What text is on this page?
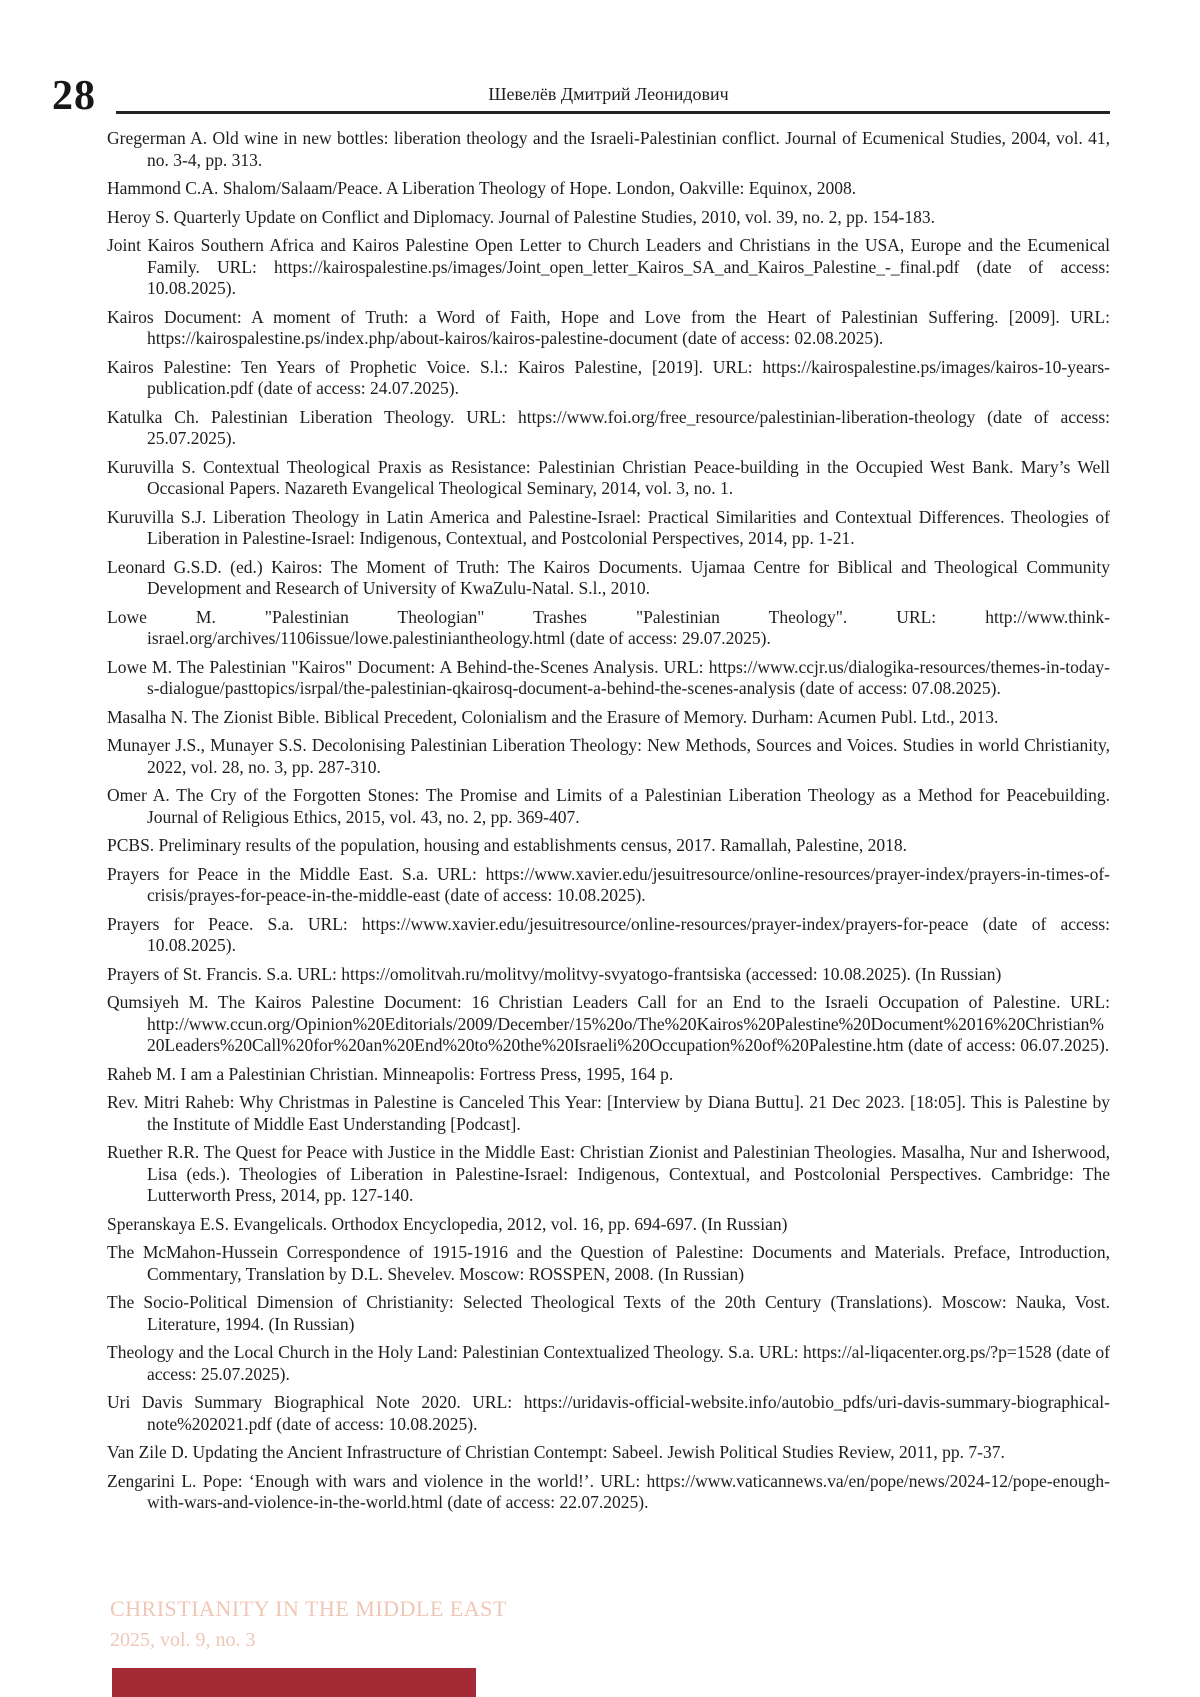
28	Шевелёв Дмитрий Леонидович

Gregerman A. Old wine in new bottles: liberation theology and the Israeli-Palestinian conflict. Journal of Ecumenical Studies, 2004, vol. 41, no. 3-4, pp. 313.

Hammond C.A. Shalom/Salaam/Peace. A Liberation Theology of Hope. London, Oakville: Equinox, 2008.

Heroy S. Quarterly Update on Conflict and Diplomacy. Journal of Palestine Studies, 2010, vol. 39, no. 2, pp. 154-183.

Joint Kairos Southern Africa and Kairos Palestine Open Letter to Church Leaders and Christians in the USA, Europe and the Ecumenical Family. URL: https://kairospalestine.ps/images/Joint_open_letter_Kairos_SA_and_Kairos_Palestine_-_final.pdf (date of access: 10.08.2025).

Kairos Document: A moment of Truth: a Word of Faith, Hope and Love from the Heart of Palestinian Suffering. [2009]. URL: https://kairospalestine.ps/index.php/about-kairos/kairos-palestine-document (date of access: 02.08.2025).

Kairos Palestine: Ten Years of Prophetic Voice. S.l.: Kairos Palestine, [2019]. URL: https://kairospalestine.ps/images/kairos-10-years-publication.pdf (date of access: 24.07.2025).

Katulka Ch. Palestinian Liberation Theology. URL: https://www.foi.org/free_resource/palestinian-liberation-theology (date of access: 25.07.2025).

Kuruvilla S. Contextual Theological Praxis as Resistance: Palestinian Christian Peace-building in the Occupied West Bank. Mary’s Well Occasional Papers. Nazareth Evangelical Theological Seminary, 2014, vol. 3, no. 1.

Kuruvilla S.J. Liberation Theology in Latin America and Palestine-Israel: Practical Similarities and Contextual Differences. Theologies of Liberation in Palestine-Israel: Indigenous, Contextual, and Postcolonial Perspectives, 2014, pp. 1-21.

Leonard G.S.D. (ed.) Kairos: The Moment of Truth: The Kairos Documents. Ujamaa Centre for Biblical and Theological Community Development and Research of University of KwaZulu-Natal. S.l., 2010.

Lowe M. "Palestinian Theologian" Trashes "Palestinian Theology". URL: http://www.think-israel.org/archives/1106issue/lowe.palestiniantheology.html (date of access: 29.07.2025).

Lowe M. The Palestinian "Kairos" Document: A Behind-the-Scenes Analysis. URL: https://www.ccjr.us/dialogika-resources/themes-in-today-s-dialogue/pasttopics/isrpal/the-palestinian-qkairosq-document-a-behind-the-scenes-analysis (date of access: 07.08.2025).

Masalha N. The Zionist Bible. Biblical Precedent, Colonialism and the Erasure of Memory. Durham: Acumen Publ. Ltd., 2013.

Munayer J.S., Munayer S.S. Decolonising Palestinian Liberation Theology: New Methods, Sources and Voices. Studies in world Christianity, 2022, vol. 28, no. 3, pp. 287-310.

Omer A. The Cry of the Forgotten Stones: The Promise and Limits of a Palestinian Liberation Theology as a Method for Peacebuilding. Journal of Religious Ethics, 2015, vol. 43, no. 2, pp. 369-407.

PCBS. Preliminary results of the population, housing and establishments census, 2017. Ramallah, Palestine, 2018.

Prayers for Peace in the Middle East. S.a. URL: https://www.xavier.edu/jesuitresource/online-resources/prayer-index/prayers-in-times-of-crisis/prayes-for-peace-in-the-middle-east (date of access: 10.08.2025).

Prayers for Peace. S.a. URL: https://www.xavier.edu/jesuitresource/online-resources/prayer-index/prayers-for-peace (date of access: 10.08.2025).

Prayers of St. Francis. S.a. URL: https://omolitvah.ru/molitvy/molitvy-svyatogo-frantsiska (accessed: 10.08.2025). (In Russian)

Qumsiyeh M. The Kairos Palestine Document: 16 Christian Leaders Call for an End to the Israeli Occupation of Palestine. URL: http://www.ccun.org/Opinion%20Editorials/2009/December/15%20o/The%20Kairos%20Palestine%20Document%2016%20Christian%20Leaders%20Call%20for%20an%20End%20to%20the%20Israeli%20Occupation%20of%20Palestine.htm (date of access: 06.07.2025).

Raheb M. I am a Palestinian Christian. Minneapolis: Fortress Press, 1995, 164 p.

Rev. Mitri Raheb: Why Christmas in Palestine is Canceled This Year: [Interview by Diana Buttu]. 21 Dec 2023. [18:05]. This is Palestine by the Institute of Middle East Understanding [Podcast].

Ruether R.R. The Quest for Peace with Justice in the Middle East: Christian Zionist and Palestinian Theologies. Masalha, Nur and Isherwood, Lisa (eds.). Theologies of Liberation in Palestine-Israel: Indigenous, Contextual, and Postcolonial Perspectives. Cambridge: The Lutterworth Press, 2014, pp. 127-140.

Speranskaya E.S. Evangelicals. Orthodox Encyclopedia, 2012, vol. 16, pp. 694-697. (In Russian)

The McMahon-Hussein Correspondence of 1915-1916 and the Question of Palestine: Documents and Materials. Preface, Introduction, Commentary, Translation by D.L. Shevelev. Moscow: ROSSPEN, 2008. (In Russian)

The Socio-Political Dimension of Christianity: Selected Theological Texts of the 20th Century (Translations). Moscow: Nauka, Vost. Literature, 1994. (In Russian)

Theology and the Local Church in the Holy Land: Palestinian Contextualized Theology. S.a. URL: https://al-liqacenter.org.ps/?p=1528 (date of access: 25.07.2025).

Uri Davis Summary Biographical Note 2020. URL: https://uridavis-official-website.info/autobio_pdfs/uri-davis-summary-biographical-note%202021.pdf (date of access: 10.08.2025).

Van Zile D. Updating the Ancient Infrastructure of Christian Contempt: Sabeel. Jewish Political Studies Review, 2011, pp. 7-37.

Zengarini L. Pope: ‘Enough with wars and violence in the world!’. URL: https://www.vaticannews.va/en/pope/news/2024-12/pope-enough-with-wars-and-violence-in-the-world.html (date of access: 22.07.2025).

CHRISTIANITY IN THE MIDDLE EAST
2025, vol. 9, no. 3
